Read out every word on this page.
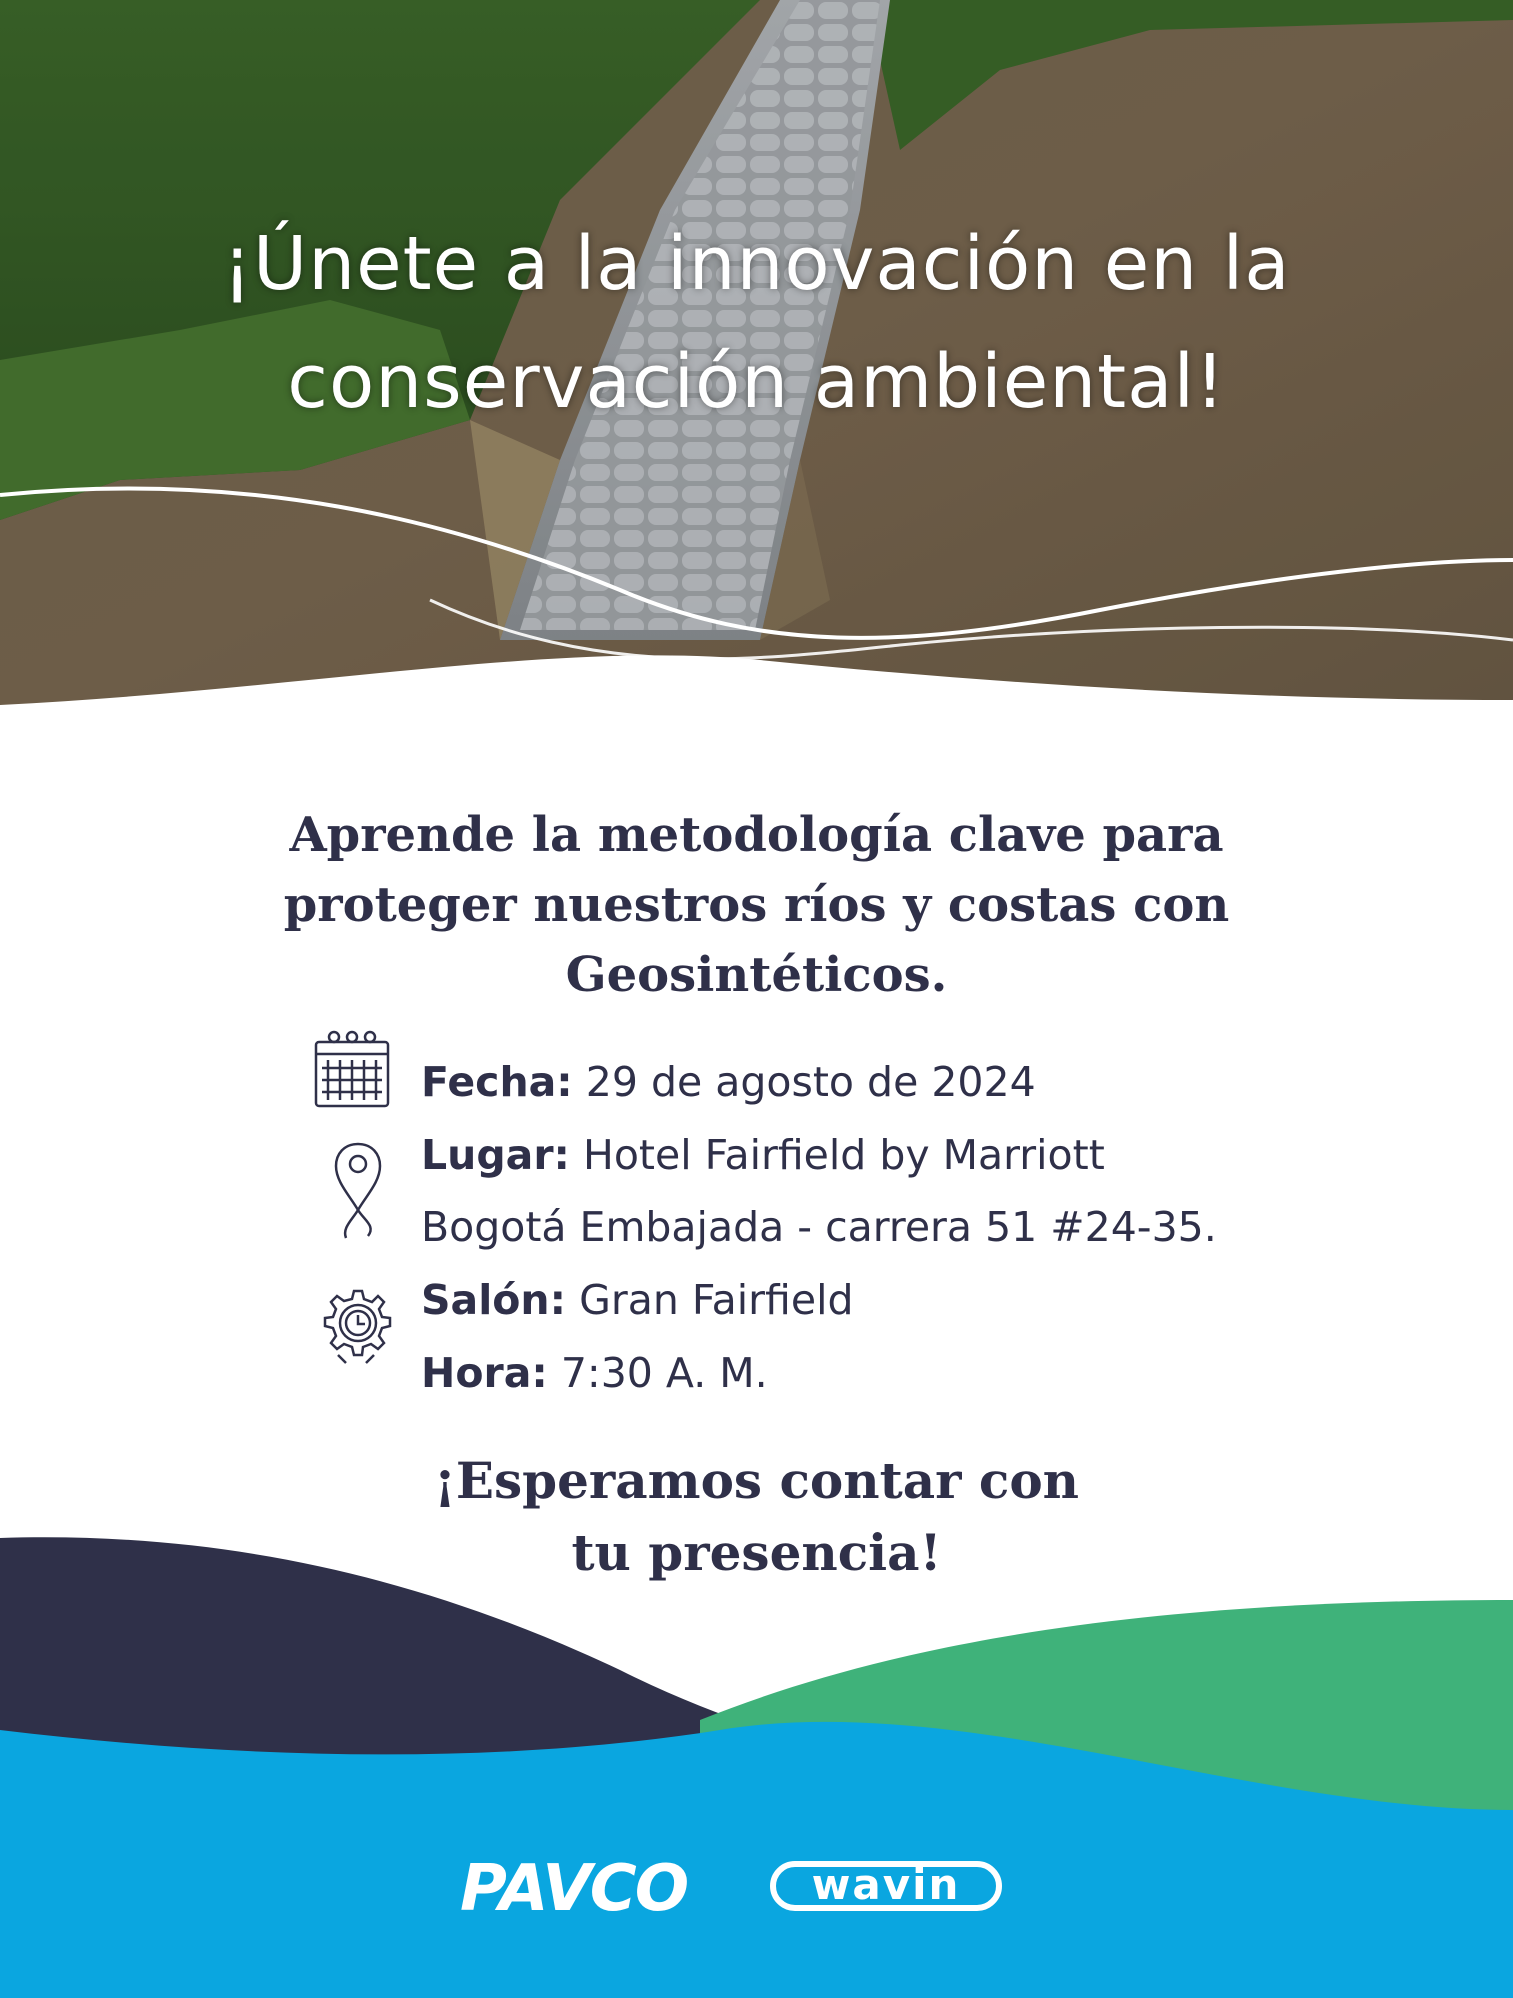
¡Únete a la innovación en la
conservación ambiental!
Aprende la metodología clave para
proteger nuestros ríos y costas con
Geosintéticos.
Fecha: 29 de agosto de 2024
Lugar: Hotel Fairfield by Marriott
Bogotá Embajada - carrera 51 #24-35.
Salón: Gran Fairfield
Hora: 7:30 A. M.
¡Esperamos contar con
tu presencia!
PAVCO	wavin
